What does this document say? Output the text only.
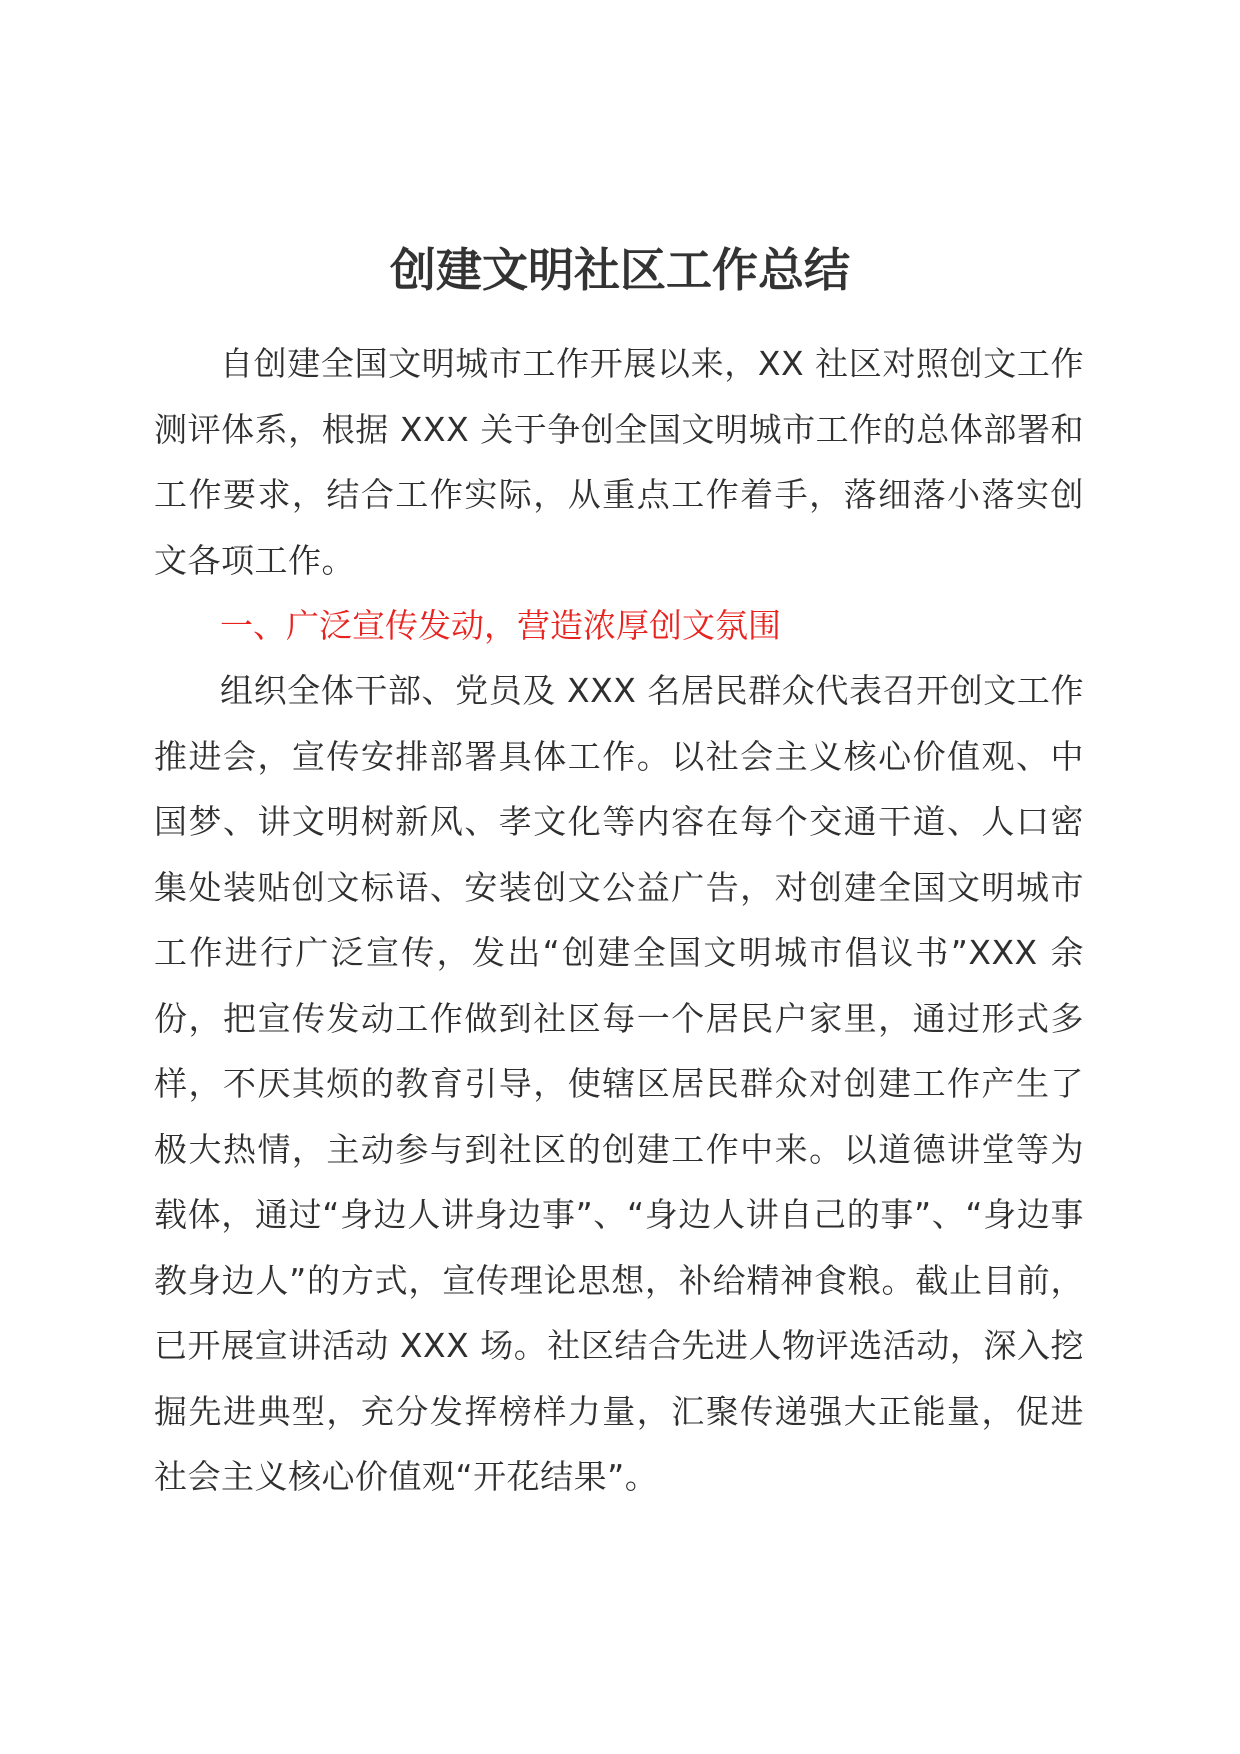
创建文明社区工作总结

自创建全国文明城市工作开展以来，XX 社区对照创文工作测评体系，根据 XXX 关于争创全国文明城市工作的总体部署和工作要求，结合工作实际，从重点工作着手，落细落小落实创文各项工作。

一、广泛宣传发动，营造浓厚创文氛围

组织全体干部、党员及 XXX 名居民群众代表召开创文工作推进会，宣传安排部署具体工作。以社会主义核心价值观、中国梦、讲文明树新风、孝文化等内容在每个交通干道、人口密集处装贴创文标语、安装创文公益广告，对创建全国文明城市工作进行广泛宣传，发出“创建全国文明城市倡议书”XXX 余份，把宣传发动工作做到社区每一个居民户家里，通过形式多样，不厌其烦的教育引导，使辖区居民群众对创建工作产生了极大热情，主动参与到社区的创建工作中来。以道德讲堂等为载体，通过“身边人讲身边事”、“身边人讲自己的事”、“身边事教身边人”的方式，宣传理论思想，补给精神食粮。截止目前，已开展宣讲活动 XXX 场。社区结合先进人物评选活动，深入挖掘先进典型，充分发挥榜样力量，汇聚传递强大正能量，促进社会主义核心价值观“开花结果”。
